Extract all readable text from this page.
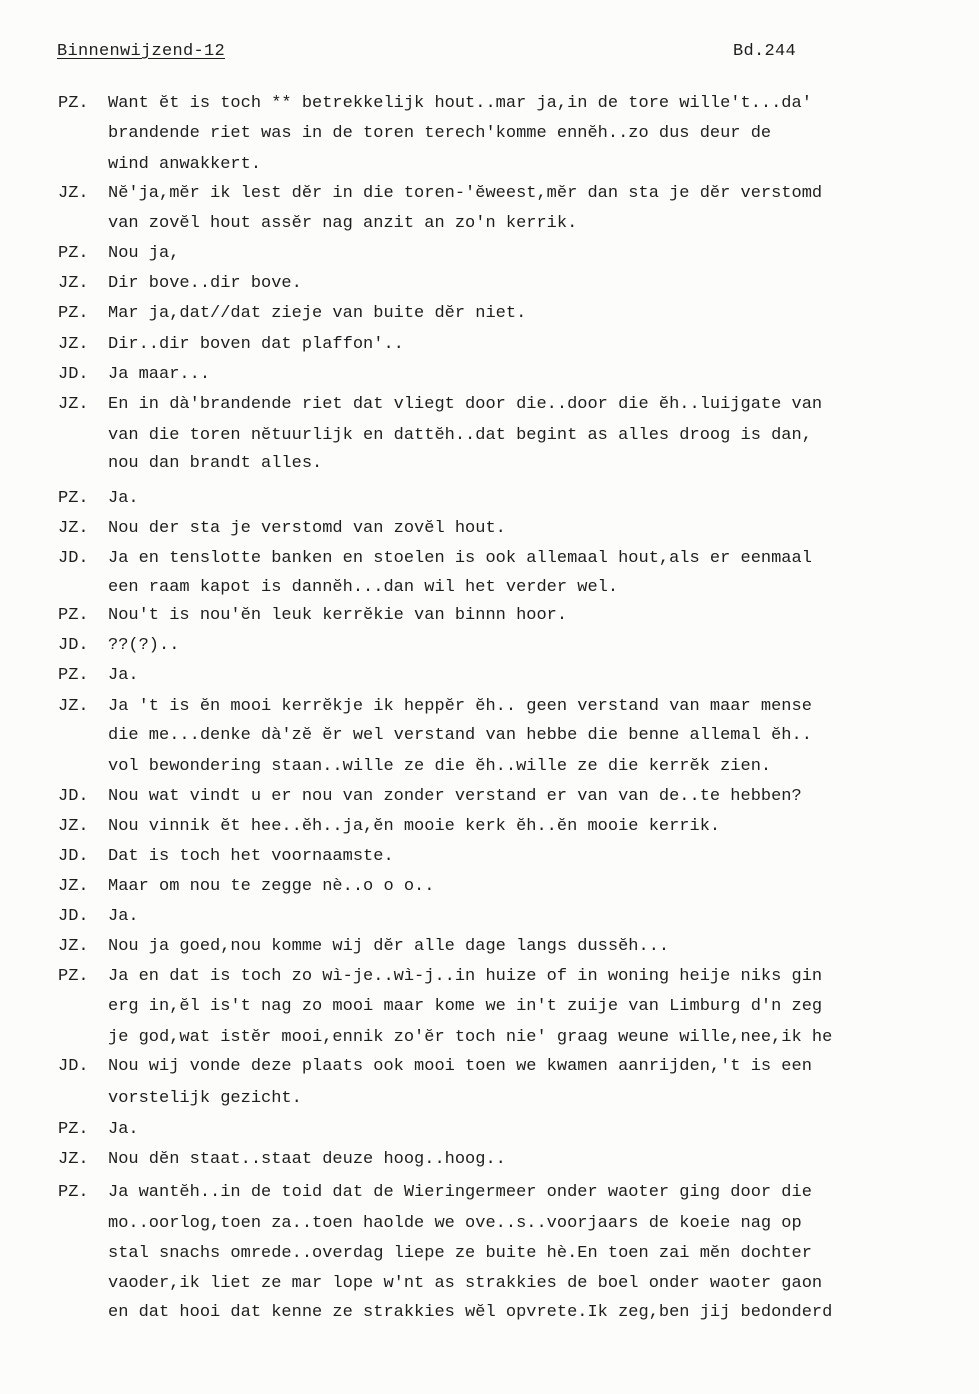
Binnenwijzend-12	Bd.244
PZ. Want ĕt is toch ** betrekkelijk hout..mar ja,in de tore wille't...da'
brandende riet was in de toren terech'komme ennĕh..zo dus deur de
wind anwakkert.
JZ. Nĕ'ja,mĕr ik lest dĕr in die toren-'ĕweest,mĕr dan sta je dĕr verstomd
van zovĕl hout assĕr nag anzit an zo'n kerrik.
PZ. Nou ja,
JZ. Dir bove..dir bove.
PZ. Mar ja,dat//dat zieje van buite dĕr niet.
JZ. Dir..dir boven dat plaffon'..
JD. Ja maar...
JZ. En in dà'brandende riet dat vliegt door die..door die ĕh..luijgate van
van die toren nĕtuurlijk en dattĕh..dat begint as alles droog is dan,
nou dan brandt alles.
PZ. Ja.
JZ. Nou der sta je verstomd van zovĕl hout.
JD. Ja en tenslotte banken en stoelen is ook allemaal hout,als er eenmaal
een raam kapot is dannĕh...dan wil het verder wel.
PZ. Nou't is nou'ĕn leuk kerrĕkie van binnn hoor.
JD. ??(?)..
PZ. Ja.
JZ. Ja 't is ĕn mooi kerrĕkje ik heppĕr ĕh.. geen verstand van maar mense
die me...denke dà'zĕ ĕr wel verstand van hebbe die benne allemal ĕh..
vol bewondering staan..wille ze die ĕh..wille ze die kerrĕk zien.
JD. Nou wat vindt u er nou van zonder verstand er van van de..te hebben?
JZ. Nou vinnik ĕt hee..ĕh..ja,ĕn mooie kerk ĕh..ĕn mooie kerrik.
JD. Dat is toch het voornaamste.
JZ. Maar om nou te zegge nè..o o o..
JD. Ja.
JZ. Nou ja goed,nou komme wij dĕr alle dage langs dussĕh...
PZ. Ja en dat is toch zo wì-je..wì-j..in huize of in woning heije niks gin
erg in,ĕl is't nag zo mooi maar kome we in't zuije van Limburg d'n zeg
je god,wat istĕr mooi,ennik zo'ĕr toch nie' graag weune wille,nee,ik he
JD. Nou wij vonde deze plaats ook mooi toen we kwamen aanrijden,'t is een
vorstelijk gezicht.
PZ. Ja.
JZ. Nou dĕn staat..staat deuze hoog..hoog..
PZ. Ja wantĕh..in de toid dat de Wieringermeer onder waoter ging door die
mo..oorlog,toen za..toen haolde we ove..s..voorjaars de koeie nag op
stal snachs omrede..overdag liepe ze buite hè.En toen zai mĕn dochter
vaoder,ik liet ze mar lope w'nt as strakkies de boel onder waoter gaon
en dat hooi dat kenne ze strakkies wĕl opvrete.Ik zeg,ben jij bedonderd
